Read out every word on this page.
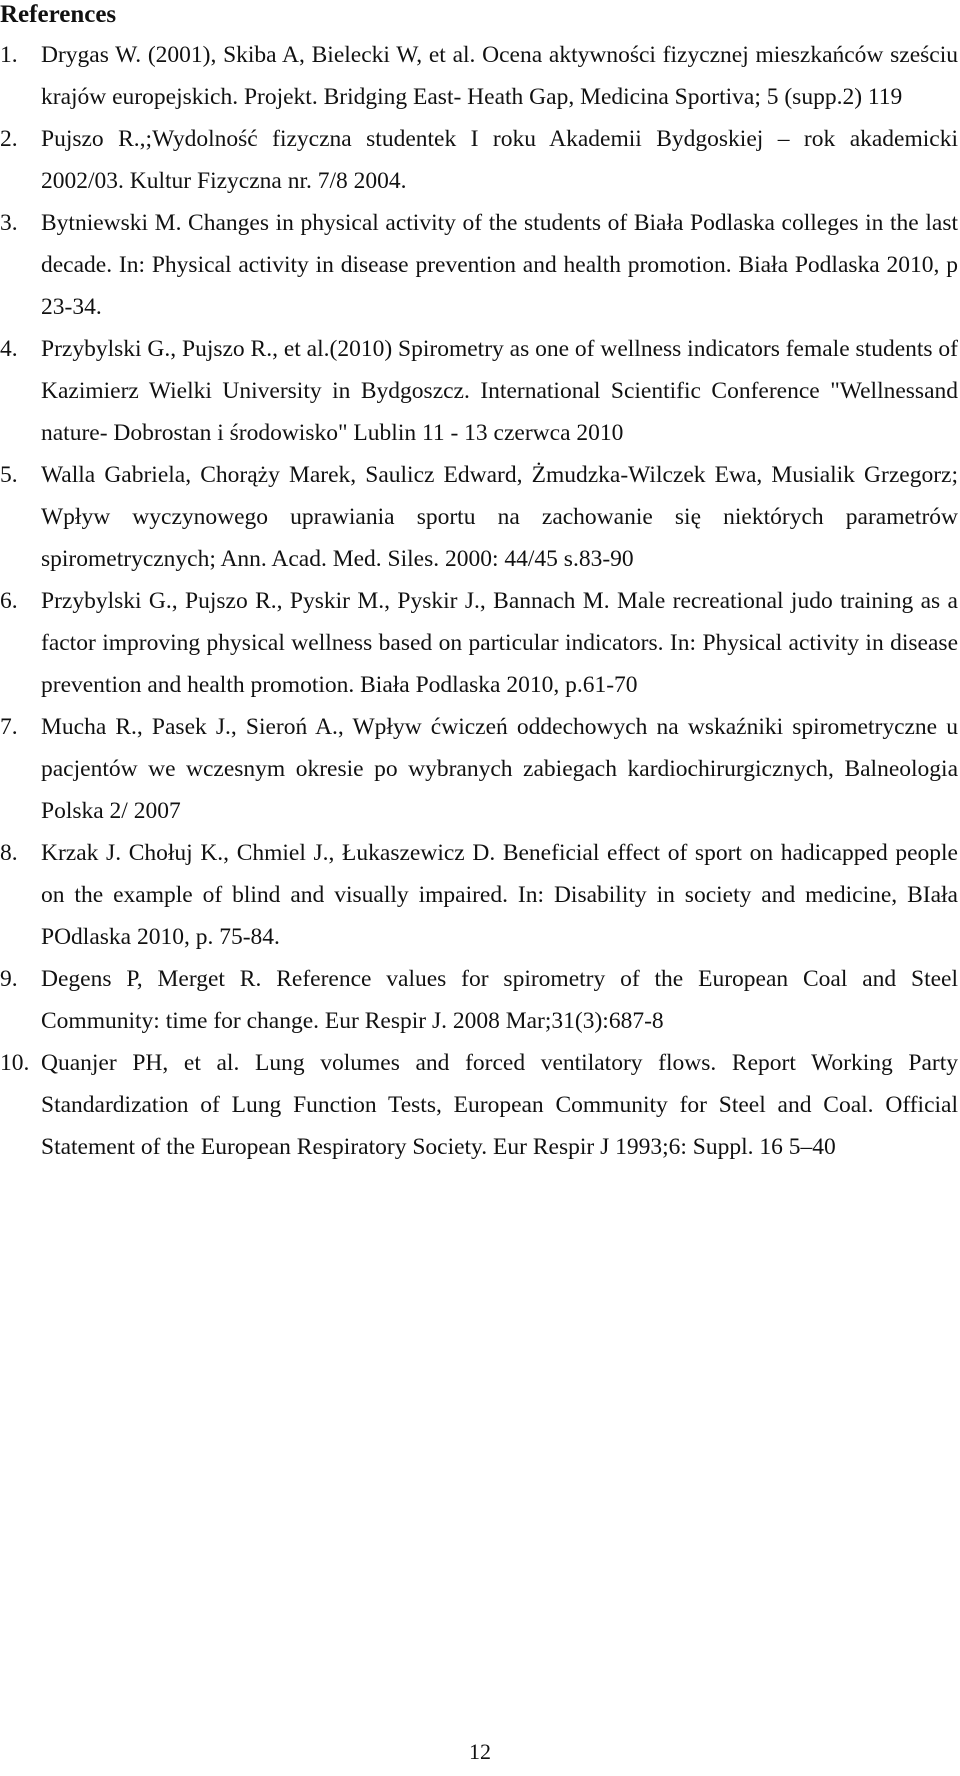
References
1. Drygas W. (2001), Skiba A, Bielecki W, et al. Ocena aktywności fizycznej mieszkańców sześciu krajów europejskich. Projekt. Bridging East- Heath Gap, Medicina Sportiva; 5 (supp.2) 119
2. Pujszo R.,;Wydolność fizyczna studentek I roku Akademii Bydgoskiej – rok akademicki 2002/03. Kultur Fizyczna nr. 7/8 2004.
3. Bytniewski M. Changes in physical activity of the students of Biała Podlaska colleges in the last decade. In: Physical activity in disease prevention and health promotion. Biała Podlaska 2010, p 23-34.
4. Przybylski G., Pujszo R., et al.(2010) Spirometry as one of wellness indicators female students of Kazimierz Wielki University in Bydgoszcz. International Scientific Conference "Wellnessand nature- Dobrostan i środowisko" Lublin 11 - 13 czerwca 2010
5. Walla Gabriela, Chorąży Marek, Saulicz Edward, Żmudzka-Wilczek Ewa, Musialik Grzegorz; Wpływ wyczynowego uprawiania sportu na zachowanie się niektórych parametrów spirometrycznych; Ann. Acad. Med. Siles. 2000: 44/45 s.83-90
6. Przybylski G., Pujszo R., Pyskir M., Pyskir J., Bannach M. Male recreational judo training as a factor improving physical wellness based on particular indicators. In: Physical activity in disease prevention and health promotion. Biała Podlaska 2010, p.61-70
7. Mucha R., Pasek J., Sieroń A., Wpływ ćwiczeń oddechowych na wskaźniki spirometryczne u pacjentów we wczesnym okresie po wybranych zabiegach kardiochirurgicznych, Balneologia Polska 2/ 2007
8. Krzak J. Chołuj K., Chmiel J., Łukaszewicz D. Beneficial effect of sport on hadicapped people on the example of blind and visually impaired. In: Disability in society and medicine, BIała POdlaska 2010, p. 75-84.
9. Degens P, Merget R. Reference values for spirometry of the European Coal and Steel Community: time for change. Eur Respir J. 2008 Mar;31(3):687-8
10. Quanjer PH, et al. Lung volumes and forced ventilatory flows. Report Working Party Standardization of Lung Function Tests, European Community for Steel and Coal. Official Statement of the European Respiratory Society. Eur Respir J 1993;6: Suppl. 16 5–40
12
